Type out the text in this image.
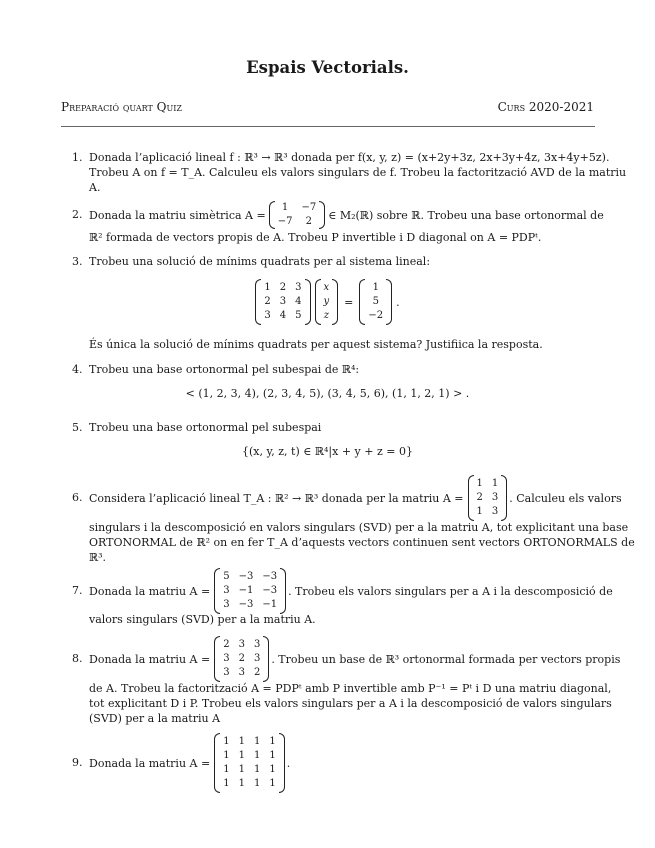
Espais Vectorials.
Preparació quart Quiz	Curs 2020-2021
1. Donada l’aplicació lineal f : ℝ³ → ℝ³ donada per f(x, y, z) = (x+2y+3z, 2x+3y+4z, 3x+4y+5z).
Trobeu A on f = T_A. Calculeu els valors singulars de f. Trobeu la factorització AVD de la matriu
A.
2. Donada la matriu simètrica A =
1	−7
−7	2	∈ M₂(ℝ) sobre ℝ. Trobeu una base ortonormal de
ℝ² formada de vectors propis de A. Trobeu P invertible i D diagonal on A = PDPᵗ.
3. Trobeu una solució de mínims quadrats per al sistema lineal:
1 2 3
2 3 4
3 4 5
x
y
z
=
1
5
−2
.
És única la solució de mínims quadrats per aquest sistema? Justifiica la resposta.
4. Trobeu una base ortonormal pel subespai de ℝ⁴:
< (1, 2, 3, 4), (2, 3, 4, 5), (3, 4, 5, 6), (1, 1, 2, 1) > .
5. Trobeu una base ortonormal pel subespai
{(x, y, z, t) ∈ ℝ⁴|x + y + z = 0}
6. Considera l’aplicació lineal T_A : ℝ² → ℝ³ donada per la matriu A =
1 1
2 3
1 3
. Calculeu els valors
singulars i la descomposició en valors singulars (SVD) per a la matriu A, tot explicitant una base
ORTONORMAL de ℝ² on en fer T_A d’aquests vectors continuen sent vectors ORTONORMALS de
ℝ³.
7. Donada la matriu A =
5 −3 −3
3 −1 −3
3 −3 −1
. Trobeu els valors singulars per a A i la descomposició de
valors singulars (SVD) per a la matriu A.
8. Donada la matriu A =
2 3 3
3 2 3
3 3 2
. Trobeu un base de ℝ³ ortonormal formada per vectors propis
de A. Trobeu la factorització A = PDPᵗ amb P invertible amb P⁻¹ = Pᵗ i D una matriu diagonal,
tot explicitant D i P. Trobeu els valors singulars per a A i la descomposició de valors singulars
(SVD) per a la matriu A
9. Donada la matriu A =
1 1 1 1
1 1 1 1
1 1 1 1
1 1 1 1
.
